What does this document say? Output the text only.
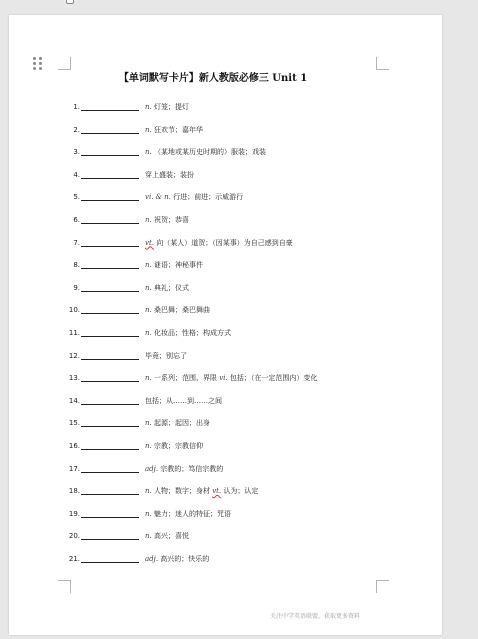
【单词默写卡片】新人教版必修三 Unit 1
1.	n. 灯笼；提灯
2.	n. 狂欢节；嘉年华
3.	n. （某地或某历史时期的）服装；戏装
4.	穿上盛装；装扮
5.	vi. & n. 行进；前进；示威游行
6.	n. 祝贺；恭喜
7.	vt. 向（某人）道贺；（因某事）为自己感到自豪
8.	n. 谜语；神秘事件
9.	n. 典礼；仪式
10.	n. 桑巴舞；桑巴舞曲
11.	n. 化妆品；性格；构成方式
12.	毕竟；别忘了
13.	n. 一系列；范围、界限 vi. 包括；（在一定范围内）变化
14.	包括；从……到……之间
15.	n. 起源；起因；出身
16.	n. 宗教；宗教信仰
17.	adj. 宗教的；笃信宗教的
18.	n. 人物；数字；身材 vt. 认为；认定
19.	n. 魅力；迷人的特征；咒语
20.	n. 高兴；喜悦
21.	adj. 高兴的；快乐的
关注中学英语联盟，获取更多资料
